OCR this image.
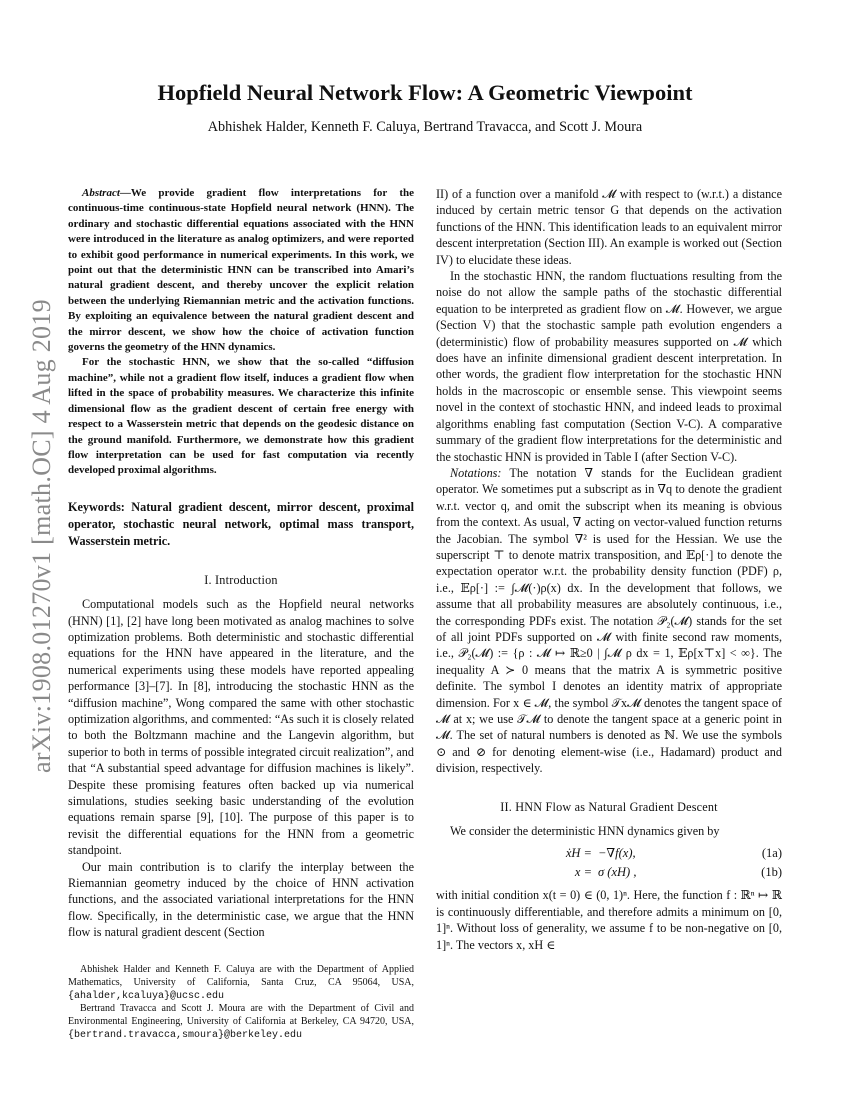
arXiv:1908.01270v1 [math.OC] 4 Aug 2019
Hopfield Neural Network Flow: A Geometric Viewpoint
Abhishek Halder, Kenneth F. Caluya, Bertrand Travacca, and Scott J. Moura

Abstract—We provide gradient flow interpretations for the continuous-time continuous-state Hopfield neural network (HNN). The ordinary and stochastic differential equations associated with the HNN were introduced in the literature as analog optimizers, and were reported to exhibit good performance in numerical experiments. In this work, we point out that the deterministic HNN can be transcribed into Amari’s natural gradient descent, and thereby uncover the explicit relation between the underlying Riemannian metric and the activation functions. By exploiting an equivalence between the natural gradient descent and the mirror descent, we show how the choice of activation function governs the geometry of the HNN dynamics.

For the stochastic HNN, we show that the so-called “diffusion machine”, while not a gradient flow itself, induces a gradient flow when lifted in the space of probability measures. We characterize this infinite dimensional flow as the gradient descent of certain free energy with respect to a Wasserstein metric that depends on the geodesic distance on the ground manifold. Furthermore, we demonstrate how this gradient flow interpretation can be used for fast computation via recently developed proximal algorithms.

Keywords: Natural gradient descent, mirror descent, proximal operator, stochastic neural network, optimal mass transport, Wasserstein metric.
I. Introduction

Computational models such as the Hopfield neural networks (HNN) [1], [2] have long been motivated as analog machines to solve optimization problems. Both deterministic and stochastic differential equations for the HNN have appeared in the literature, and the numerical experiments using these models have reported appealing performance [3]–[7]. In [8], introducing the stochastic HNN as the “diffusion machine”, Wong compared the same with other stochastic optimization algorithms, and commented: “As such it is closely related to both the Boltzmann machine and the Langevin algorithm, but superior to both in terms of possible integrated circuit realization”, and that “A substantial speed advantage for diffusion machines is likely”. Despite these promising features often backed up via numerical simulations, studies seeking basic understanding of the evolution equations remain sparse [9], [10]. The purpose of this paper is to revisit the differential equations for the HNN from a geometric standpoint.

Our main contribution is to clarify the interplay between the Riemannian geometry induced by the choice of HNN activation functions, and the associated variational interpretations for the HNN flow. Specifically, in the deterministic case, we argue that the HNN flow is natural gradient descent (Section

II) of a function over a manifold 𝓜 with respect to (w.r.t.) a distance induced by certain metric tensor G that depends on the activation functions of the HNN. This identification leads to an equivalent mirror descent interpretation (Section III). An example is worked out (Section IV) to elucidate these ideas.

In the stochastic HNN, the random fluctuations resulting from the noise do not allow the sample paths of the stochastic differential equation to be interpreted as gradient flow on 𝓜. However, we argue (Section V) that the stochastic sample path evolution engenders a (deterministic) flow of probability measures supported on 𝓜 which does have an infinite dimensional gradient descent interpretation. In other words, the gradient flow interpretation for the stochastic HNN holds in the macroscopic or ensemble sense. This viewpoint seems novel in the context of stochastic HNN, and indeed leads to proximal algorithms enabling fast computation (Section V-C). A comparative summary of the gradient flow interpretations for the deterministic and the stochastic HNN is provided in Table I (after Section V-C).

Notations: The notation ∇ stands for the Euclidean gradient operator. We sometimes put a subscript as in ∇q to denote the gradient w.r.t. vector q, and omit the subscript when its meaning is obvious from the context. As usual, ∇ acting on vector-valued function returns the Jacobian. The symbol ∇² is used for the Hessian. We use the superscript ⊤ to denote matrix transposition, and 𝔼ρ[·] to denote the expectation operator w.r.t. the probability density function (PDF) ρ, i.e., 𝔼ρ[·] := ∫𝓜(·)ρ(x) dx. In the development that follows, we assume that all probability measures are absolutely continuous, i.e., the corresponding PDFs exist. The notation 𝒫₂(𝓜) stands for the set of all joint PDFs supported on 𝓜 with finite second raw moments, i.e., 𝒫₂(𝓜) := {ρ : 𝓜 ↦ ℝ≥0 | ∫𝓜 ρ dx = 1, 𝔼ρ[x⊤x] < ∞}. The inequality A ≻ 0 means that the matrix A is symmetric positive definite. The symbol I denotes an identity matrix of appropriate dimension. For x ∈ 𝓜, the symbol 𝒯x𝓜 denotes the tangent space of 𝓜 at x; we use 𝒯𝓜 to denote the tangent space at a generic point in 𝓜. The set of natural numbers is denoted as ℕ. We use the symbols ⊙ and ⊘ for denoting element-wise (i.e., Hadamard) product and division, respectively.

II. HNN Flow as Natural Gradient Descent

We consider the deterministic HNN dynamics given by

ẋH = −∇f(x),	(1a)
x = σ (xH) ,	(1b)

with initial condition x(t = 0) ∈ (0, 1)ⁿ. Here, the function f : ℝⁿ ↦ ℝ is continuously differentiable, and therefore admits a minimum on [0, 1]ⁿ. Without loss of generality, we assume f to be non-negative on [0, 1]ⁿ. The vectors x, xH ∈

Abhishek Halder and Kenneth F. Caluya are with the Department of Applied Mathematics, University of California, Santa Cruz, CA 95064, USA, {ahalder,kcaluya}@ucsc.edu

Bertrand Travacca and Scott J. Moura are with the Department of Civil and Environmental Engineering, University of California at Berkeley, CA 94720, USA, {bertrand.travacca,smoura}@berkeley.edu
